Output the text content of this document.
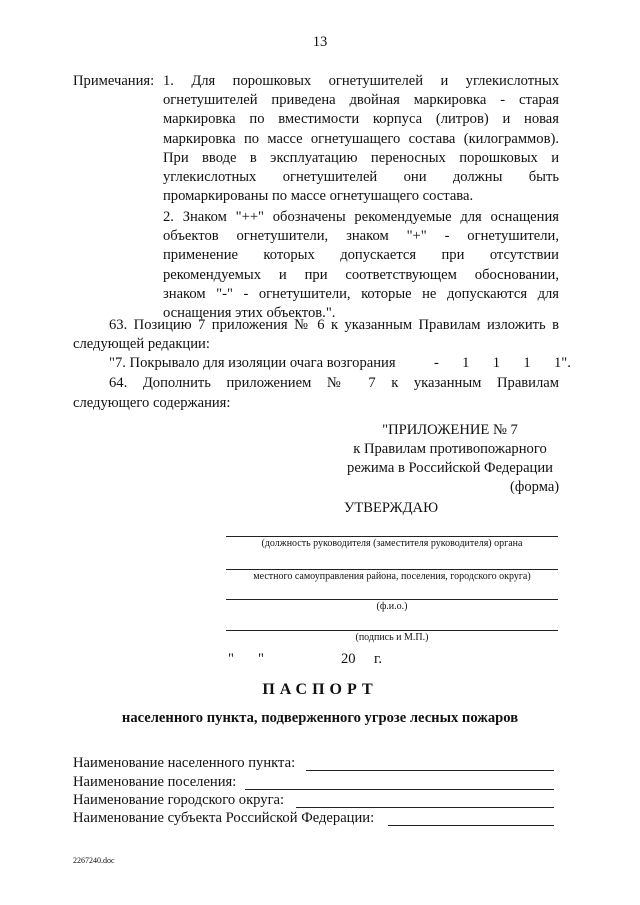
13
Примечания: 1. Для порошковых огнетушителей и углекислотных
огнетушителей приведена двойная маркировка - старая
маркировка по вместимости корпуса (литров) и новая
маркировка по массе огнетушащего состава (килограммов).
При вводе в эксплуатацию переносных порошковых и
углекислотных огнетушителей они должны быть
промаркированы по массе огнетушащего состава.
2. Знаком "++" обозначены рекомендуемые для оснащения
объектов огнетушители, знаком "+" - огнетушители,
применение которых допускается при отсутствии
рекомендуемых и при соответствующем обосновании,
знаком "-" - огнетушители, которые не допускаются для
оснащения этих объектов.".
63. Позицию 7 приложения № 6 к указанным Правилам изложить в
следующей редакции:
"7. Покрывало для изоляции очага возгорания	-  1  1  1  1".
64. Дополнить приложением № 7 к указанным Правилам
следующего содержания:
"ПРИЛОЖЕНИЕ № 7
к Правилам противопожарного
режима в Российской Федерации
(форма)
УТВЕРЖДАЮ
(должность руководителя (заместителя руководителя) органа
местного самоуправления района, поселения, городского округа)
(ф.и.о.)
(подпись и М.П.)
" "	20 г.
ПАСПОРТ
населенного пункта, подверженного угрозе лесных пожаров
Наименование населенного пункта:
Наименование поселения:
Наименование городского округа:
Наименование субъекта Российской Федерации:
2267240.doc
